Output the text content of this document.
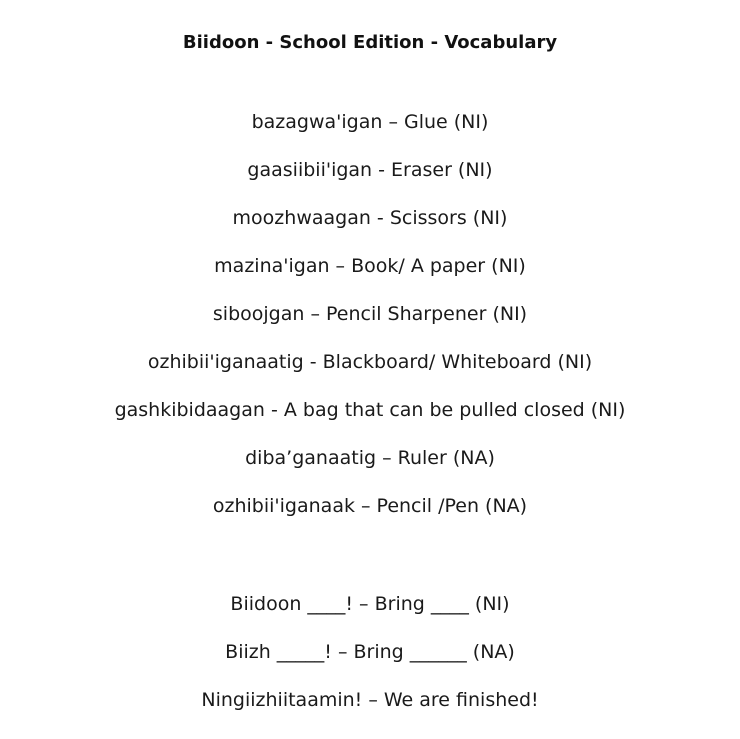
Biidoon - School Edition - Vocabulary
bazagwa'igan – Glue (NI)
gaasiibii'igan - Eraser (NI)
moozhwaagan - Scissors (NI)
mazina'igan – Book/ A paper (NI)
siboojgan – Pencil Sharpener (NI)
ozhibii'iganaatig - Blackboard/ Whiteboard (NI)
gashkibidaagan - A bag that can be pulled closed (NI)
diba’ganaatig – Ruler (NA)
ozhibii'iganaak – Pencil /Pen (NA)
Biidoon ____! – Bring ____ (NI)
Biizh _____! – Bring ______ (NA)
Ningiizhiitaamin! – We are finished!
